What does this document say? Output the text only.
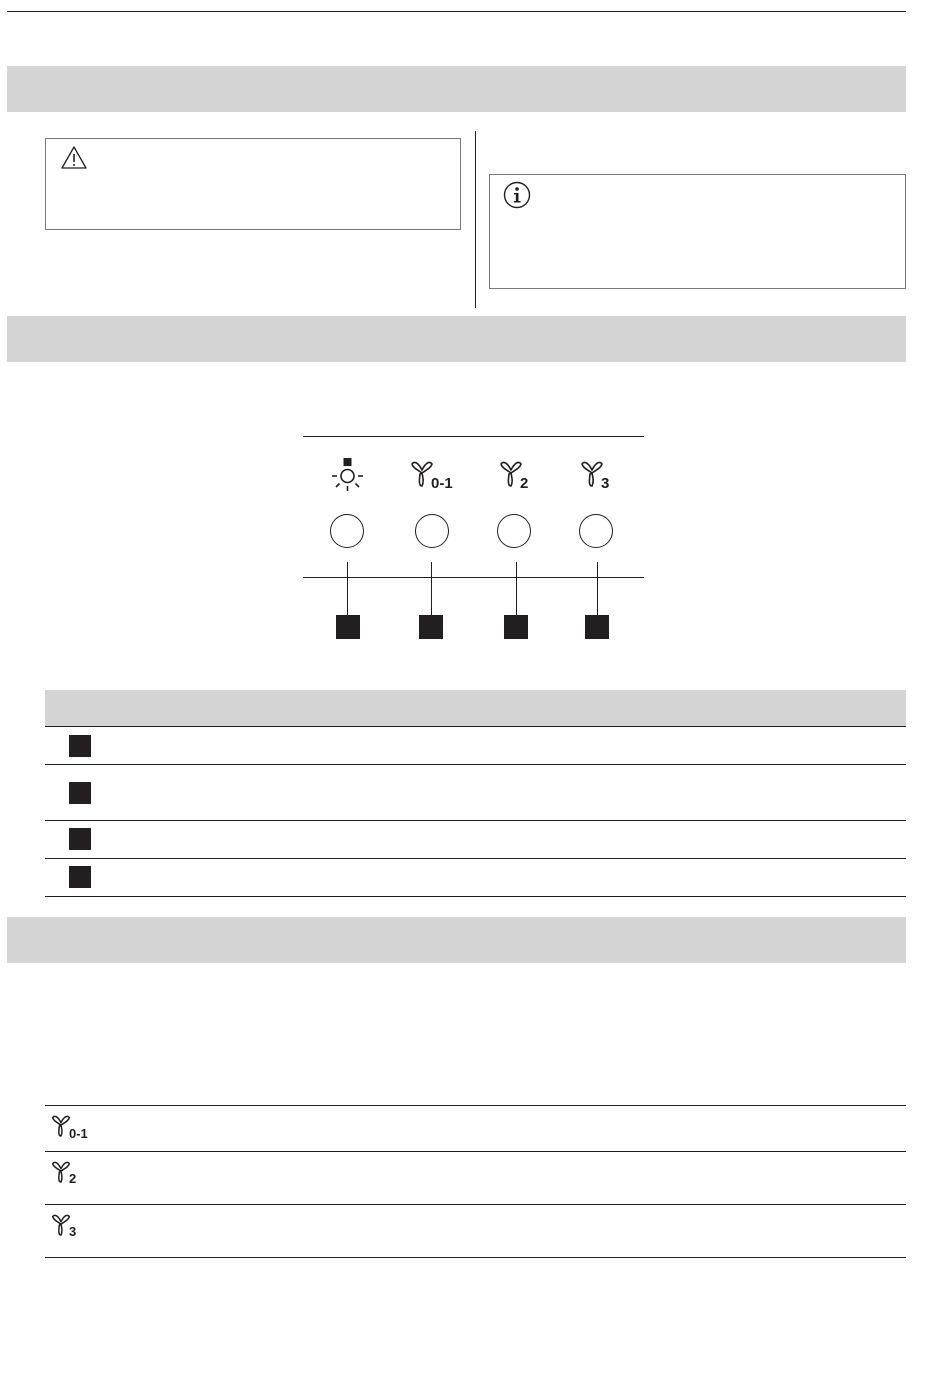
0-1	2	3
0-1
2
3
